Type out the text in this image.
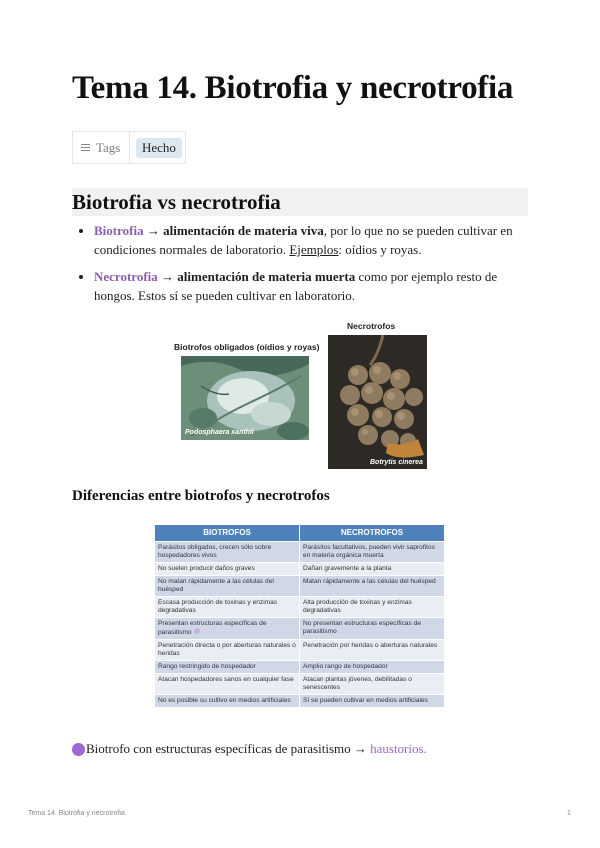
Tema 14. Biotrofia y necrotrofia
Tags	Hecho
Biotrofia vs necrotrofia
• Biotrofia → alimentación de materia viva, por lo que no se pueden cultivar en condiciones normales de laboratorio. Ejemplos: oídios y royas.
• Necrotrofia → alimentación de materia muerta como por ejemplo resto de hongos. Estos sí se pueden cultivar en laboratorio.
Biotrofos obligados (oídios y royas)
Podosphaera xanthii
Necrotrofos
Botrytis cinerea
Diferencias entre biotrofos y necrotrofos
BIOTROFOS	NECROTROFOS
Parásitos obligados, crecen sólo sobre hospedadores vivos	Parásitos facultativos, pueden vivir saprofitos en materia orgánica muerta
No suelen producir daños graves	Dañan gravemente a la planta
No matan rápidamente a las células del huésped	Matan rápidamente a las células del huésped
Escasa producción de toxinas y enzimas degradativas	Alta producción de toxinas y enzimas degradativas
Presentan estructuras específicas de parasitismo	No presentan estructuras específicas de parasitismo
Penetración directa o por aberturas naturales o heridas	Penetración por heridas o aberturas naturales
Rango restringido de hospedador	Amplio rango de hospedador
Atacan hospedadores sanos en cualquier fase	Atacan plantas jóvenes, debilitadas o senescentes
No es posible su cultivo en medios artificiales	Sí se pueden cultivar en medios artificiales
Biotrofo con estructuras específicas de parasitismo → haustorios.
Tema 14. Biotrofia y necrotrofia	1
